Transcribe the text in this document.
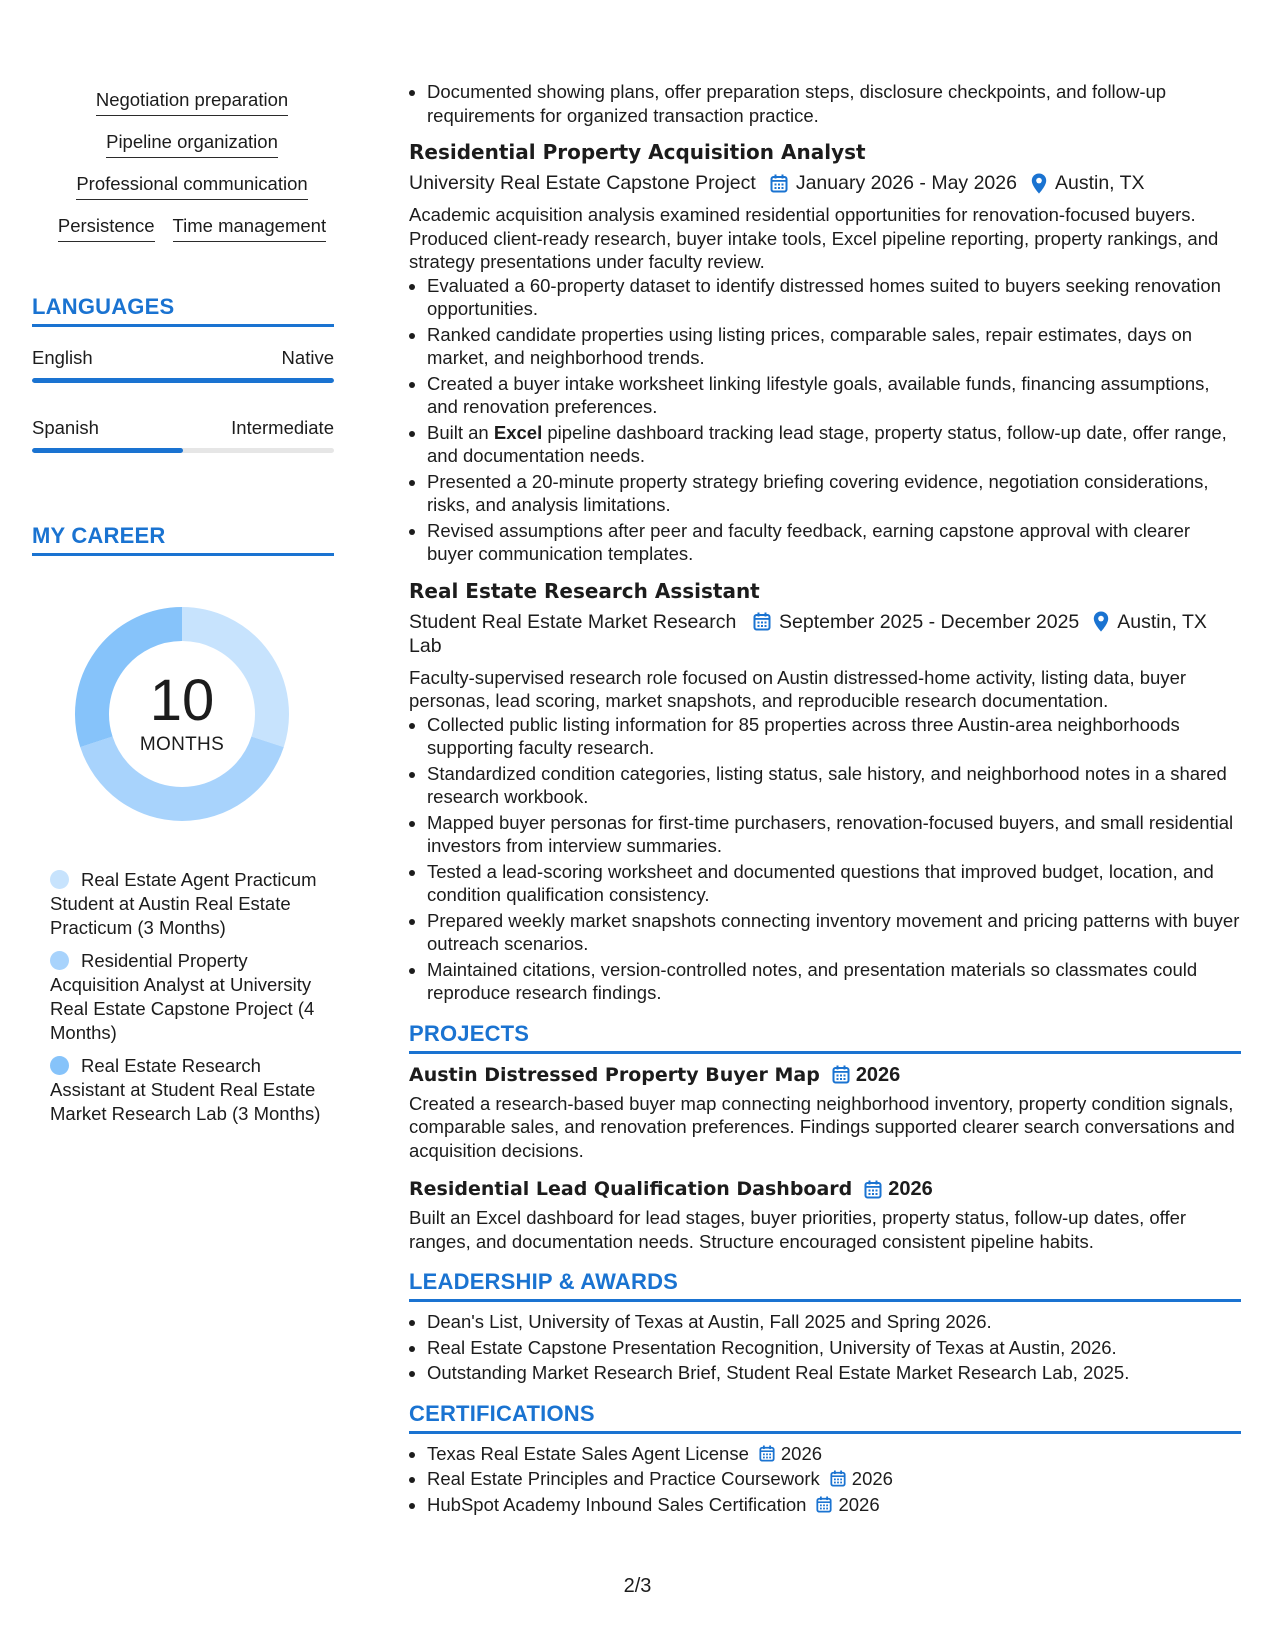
Negotiation preparation
Pipeline organization
Professional communication
Persistence Time management
LANGUAGES
English	Native
Spanish	Intermediate
MY CAREER
10
MONTHS
Real Estate Agent Practicum Student at Austin Real Estate Practicum (3 Months)
Residential Property Acquisition Analyst at University Real Estate Capstone Project (4 Months)
Real Estate Research Assistant at Student Real Estate Market Research Lab (3 Months)
• Documented showing plans, offer preparation steps, disclosure checkpoints, and follow-up requirements for organized transaction practice.
Residential Property Acquisition Analyst
University Real Estate Capstone Project January 2026 - May 2026 Austin, TX
Academic acquisition analysis examined residential opportunities for renovation-focused buyers. Produced client-ready research, buyer intake tools, Excel pipeline reporting, property rankings, and strategy presentations under faculty review.
• Evaluated a 60-property dataset to identify distressed homes suited to buyers seeking renovation opportunities.
• Ranked candidate properties using listing prices, comparable sales, repair estimates, days on market, and neighborhood trends.
• Created a buyer intake worksheet linking lifestyle goals, available funds, financing assumptions, and renovation preferences.
• Built an Excel pipeline dashboard tracking lead stage, property status, follow-up date, offer range, and documentation needs.
• Presented a 20-minute property strategy briefing covering evidence, negotiation considerations, risks, and analysis limitations.
• Revised assumptions after peer and faculty feedback, earning capstone approval with clearer buyer communication templates.
Real Estate Research Assistant
Student Real Estate Market Research Lab
September 2025 - December 2025 Austin, TX
Faculty-supervised research role focused on Austin distressed-home activity, listing data, buyer personas, lead scoring, market snapshots, and reproducible research documentation.
• Collected public listing information for 85 properties across three Austin-area neighborhoods supporting faculty research.
• Standardized condition categories, listing status, sale history, and neighborhood notes in a shared research workbook.
• Mapped buyer personas for first-time purchasers, renovation-focused buyers, and small residential investors from interview summaries.
• Tested a lead-scoring worksheet and documented questions that improved budget, location, and condition qualification consistency.
• Prepared weekly market snapshots connecting inventory movement and pricing patterns with buyer outreach scenarios.
• Maintained citations, version-controlled notes, and presentation materials so classmates could reproduce research findings.
PROJECTS
Austin Distressed Property Buyer Map 2026
Created a research-based buyer map connecting neighborhood inventory, property condition signals, comparable sales, and renovation preferences. Findings supported clearer search conversations and acquisition decisions.
Residential Lead Qualification Dashboard 2026
Built an Excel dashboard for lead stages, buyer priorities, property status, follow-up dates, offer ranges, and documentation needs. Structure encouraged consistent pipeline habits.
LEADERSHIP & AWARDS
• Dean's List, University of Texas at Austin, Fall 2025 and Spring 2026.
• Real Estate Capstone Presentation Recognition, University of Texas at Austin, 2026.
• Outstanding Market Research Brief, Student Real Estate Market Research Lab, 2025.
CERTIFICATIONS
• Texas Real Estate Sales Agent License 2026
• Real Estate Principles and Practice Coursework 2026
• HubSpot Academy Inbound Sales Certification 2026
2/3
